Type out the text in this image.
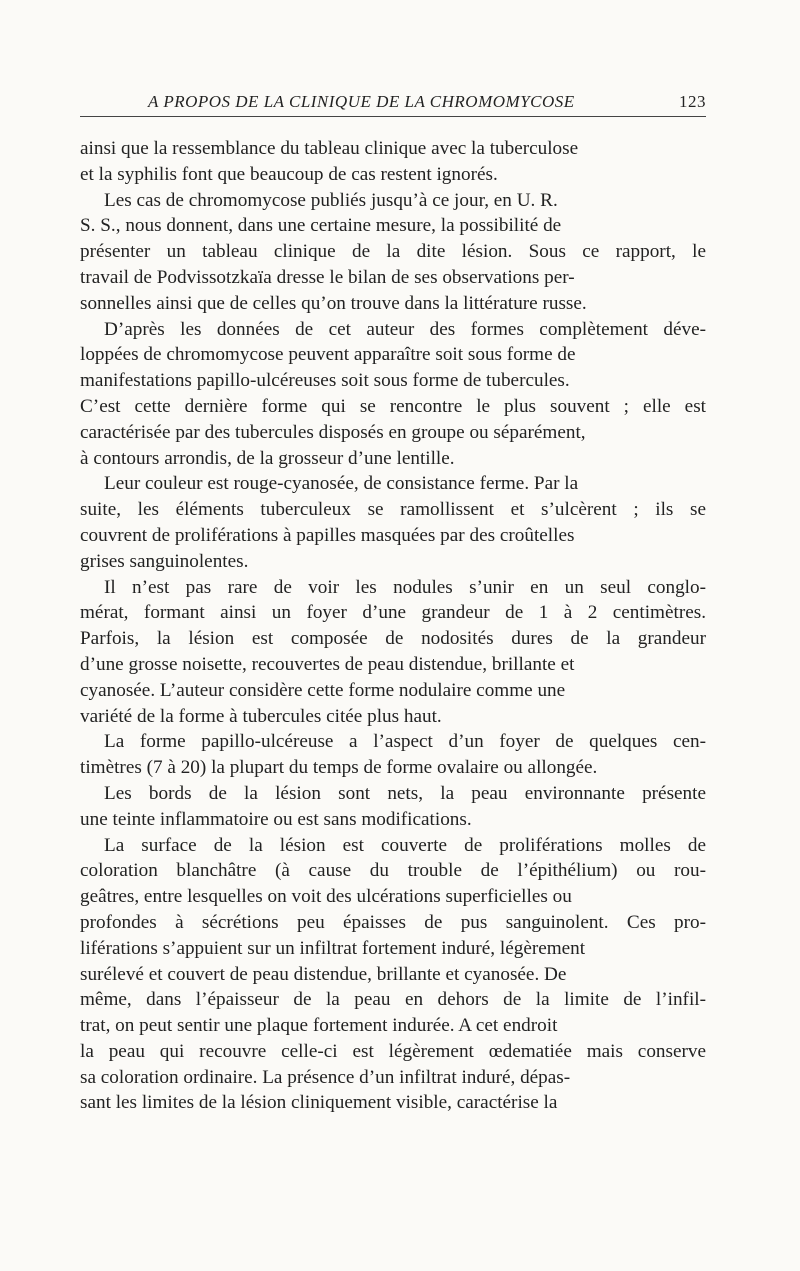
A PROPOS DE LA CLINIQUE DE LA CHROMOMYCOSE	123
ainsi que la ressemblance du tableau clinique avec la tuberculose
et la syphilis font que beaucoup de cas restent ignorés.
Les cas de chromomycose publiés jusqu’à ce jour, en U. R.
S. S., nous donnent, dans une certaine mesure, la possibilité de
présenter un tableau clinique de la dite lésion. Sous ce rapport, le
travail de Podvissotzkaïa dresse le bilan de ses observations per-
sonnelles ainsi que de celles qu’on trouve dans la littérature russe.
D’après les données de cet auteur des formes complètement déve-
loppées de chromomycose peuvent apparaître soit sous forme de
manifestations papillo-ulcéreuses soit sous forme de tubercules.
C’est cette dernière forme qui se rencontre le plus souvent ; elle est
caractérisée par des tubercules disposés en groupe ou séparément,
à contours arrondis, de la grosseur d’une lentille.
Leur couleur est rouge-cyanosée, de consistance ferme. Par la
suite, les éléments tuberculeux se ramollissent et s’ulcèrent ; ils se
couvrent de proliférations à papilles masquées par des croûtelles
grises sanguinolentes.
Il n’est pas rare de voir les nodules s’unir en un seul conglo-
mérat, formant ainsi un foyer d’une grandeur de 1 à 2 centimètres.
Parfois, la lésion est composée de nodosités dures de la grandeur
d’une grosse noisette, recouvertes de peau distendue, brillante et
cyanosée. L’auteur considère cette forme nodulaire comme une
variété de la forme à tubercules citée plus haut.
La forme papillo-ulcéreuse a l’aspect d’un foyer de quelques cen-
timètres (7 à 20) la plupart du temps de forme ovalaire ou allongée.
Les bords de la lésion sont nets, la peau environnante présente
une teinte inflammatoire ou est sans modifications.
La surface de la lésion est couverte de proliférations molles de
coloration blanchâtre (à cause du trouble de l’épithélium) ou rou-
geâtres, entre lesquelles on voit des ulcérations superficielles ou
profondes à sécrétions peu épaisses de pus sanguinolent. Ces pro-
liférations s’appuient sur un infiltrat fortement induré, légèrement
surélevé et couvert de peau distendue, brillante et cyanosée. De
même, dans l’épaisseur de la peau en dehors de la limite de l’infil-
trat, on peut sentir une plaque fortement indurée. A cet endroit
la peau qui recouvre celle-ci est légèrement œdematiée mais conserve
sa coloration ordinaire. La présence d’un infiltrat induré, dépas-
sant les limites de la lésion cliniquement visible, caractérise la
